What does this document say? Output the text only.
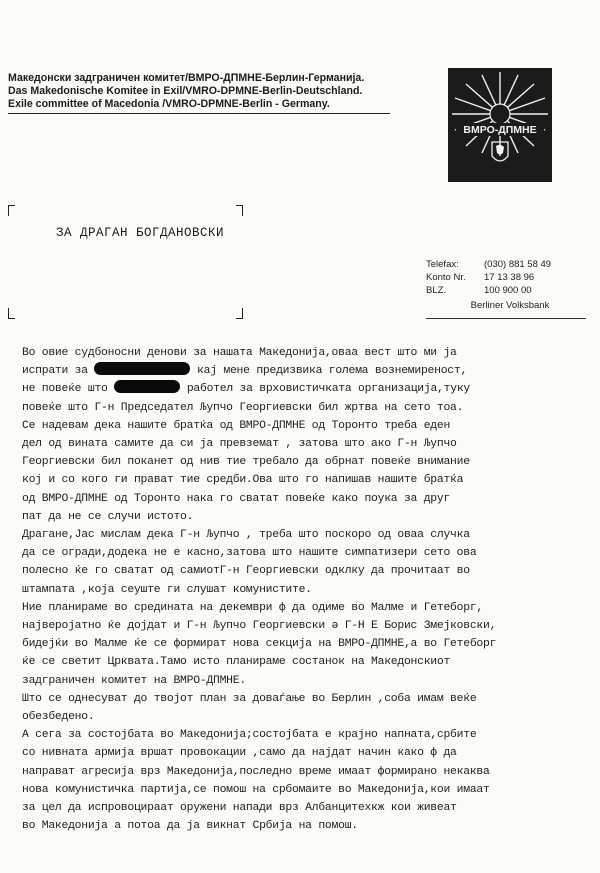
Македонски задграничен комитет/ВМРО-ДПМНЕ-Берлин-Германија.
Das Makedonische Komitee in Exil/VMRO-DPMNE-Berlin-Deutschland.
Exile committee of Macedonia /VMRO-DPMNE-Berlin - Germany.
ВМРО-ДПМНЕ
ЗА ДРАГАН БОГДАНОВСКИ
Telefax:	(030) 881 58 49
Konto Nr.	17 13 38 96
BLZ.	100 900 00
Berliner Volksbank
Во овие судбоносни денови за нашата Македонија,оваа вест што ми ја
испрати за	кај мене предизвика голема вознемиреност,
не повеќе што	работел за врховистичката организација,туку
повеќе што Г-н Председател Љупчо Георгиевски бил жртва на сето тоа.
Се надевам дека нашите братќа од ВМРО-ДПМНЕ од Торонто треба еден
дел од вината самите да си ја превземат , затова што ако Г-н Љупчо
Георгиевски бил поканет од нив тие требало да обрнат повеќе внимание
кој и со кого ги прават тие средби.Ова што го напишав нашите братќа
од ВМРО-ДПМНЕ од Торонто нака го сватат повеќе како поука за друг
пат да не се случи истото.
Драгане,Јас мислам дека Г-н Љупчо , треба што поскоро од оваа случка
да се огради,додека не е касно,затова што нашите симпатизери сето ова
полесно ќе го сватат од самиотГ-н Георгиевски одклку да прочитаат во
штампата ,која сеуште ги слушат комунистите.
Ние планираме во средината на декември ф да одиме во Малме и Гетеборг,
најверојатно ќе дојдат и Г-н Љупчо Георгиевски ә Г-Н Е Борис Змејковски,
бидејќи во Малме ќе се формират нова секција на ВМРО-ДПМНЕ,а во Гетеборг
ќе се светит Црквата.Тамо исто планираме состанок на Македонскиот
задграничен комитет на ВМРО-ДПМНЕ.
Што се однесуват до твојот план за доваѓање во Берлин ,соба имам веќе
обезбедено.
А сега за состојбата во Македонија;состојбата е крајно напната,србите
со нивната армија вршат провокации ,само да најдат начин како ф да
направат агресија врз Македонија,последно време имаат формирано некаква
нова комунистичка партија,се помош на србомаите во Македонија,кои имаат
за цел да испровоцираат оружени напади врз Албанцитехкж кои живеат
во Македонија а потоа да ја викнат Србија на помош.
